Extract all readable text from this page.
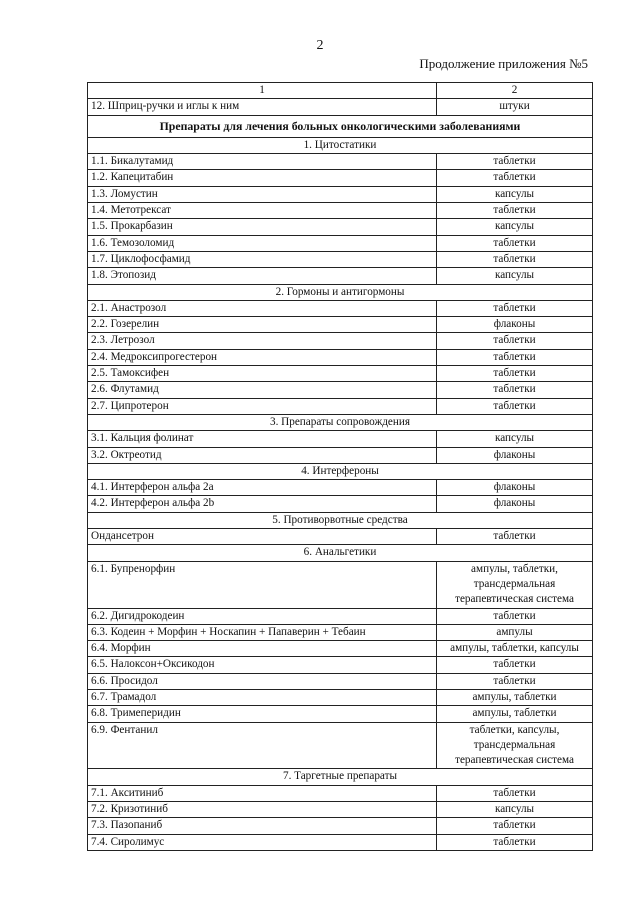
2
Продолжение приложения №5
1	2
12. Шприц-ручки и иглы к ним	штуки
Препараты для лечения больных онкологическими заболеваниями	
1. Цитостатики	
1.1. Бикалутамид	таблетки
1.2. Капецитабин	таблетки
1.3. Ломустин	капсулы
1.4. Метотрексат	таблетки
1.5. Прокарбазин	капсулы
1.6. Темозоломид	таблетки
1.7. Циклофосфамид	таблетки
1.8. Этопозид	капсулы
2. Гормоны и антигормоны	
2.1. Анастрозол	таблетки
2.2. Гозерелин	флаконы
2.3. Летрозол	таблетки
2.4. Медроксипрогестерон	таблетки
2.5. Тамоксифен	таблетки
2.6. Флутамид	таблетки
2.7. Ципротерон	таблетки
3. Препараты сопровождения	
3.1. Кальция фолинат	капсулы
3.2. Октреотид	флаконы
4. Интерфероны	
4.1. Интерферон альфа 2а	флаконы
4.2. Интерферон альфа 2b	флаконы
5. Противорвотные средства	
Ондансетрон	таблетки
6. Анальгетики	
6.1. Бупренорфин	ампулы, таблетки, трансдермальная терапевтическая система
6.2. Дигидрокодеин	таблетки
6.3. Кодеин + Морфин + Носкапин + Папаверин + Тебаин	ампулы
6.4. Морфин	ампулы, таблетки, капсулы
6.5. Налоксон+Оксикодон	таблетки
6.6. Просидол	таблетки
6.7. Трамадол	ампулы, таблетки
6.8. Тримеперидин	ампулы, таблетки
6.9. Фентанил	таблетки, капсулы, трансдермальная терапевтическая система
7. Таргетные препараты	
7.1. Акситиниб	таблетки
7.2. Кризотиниб	капсулы
7.3. Пазопаниб	таблетки
7.4. Сиролимус	таблетки
